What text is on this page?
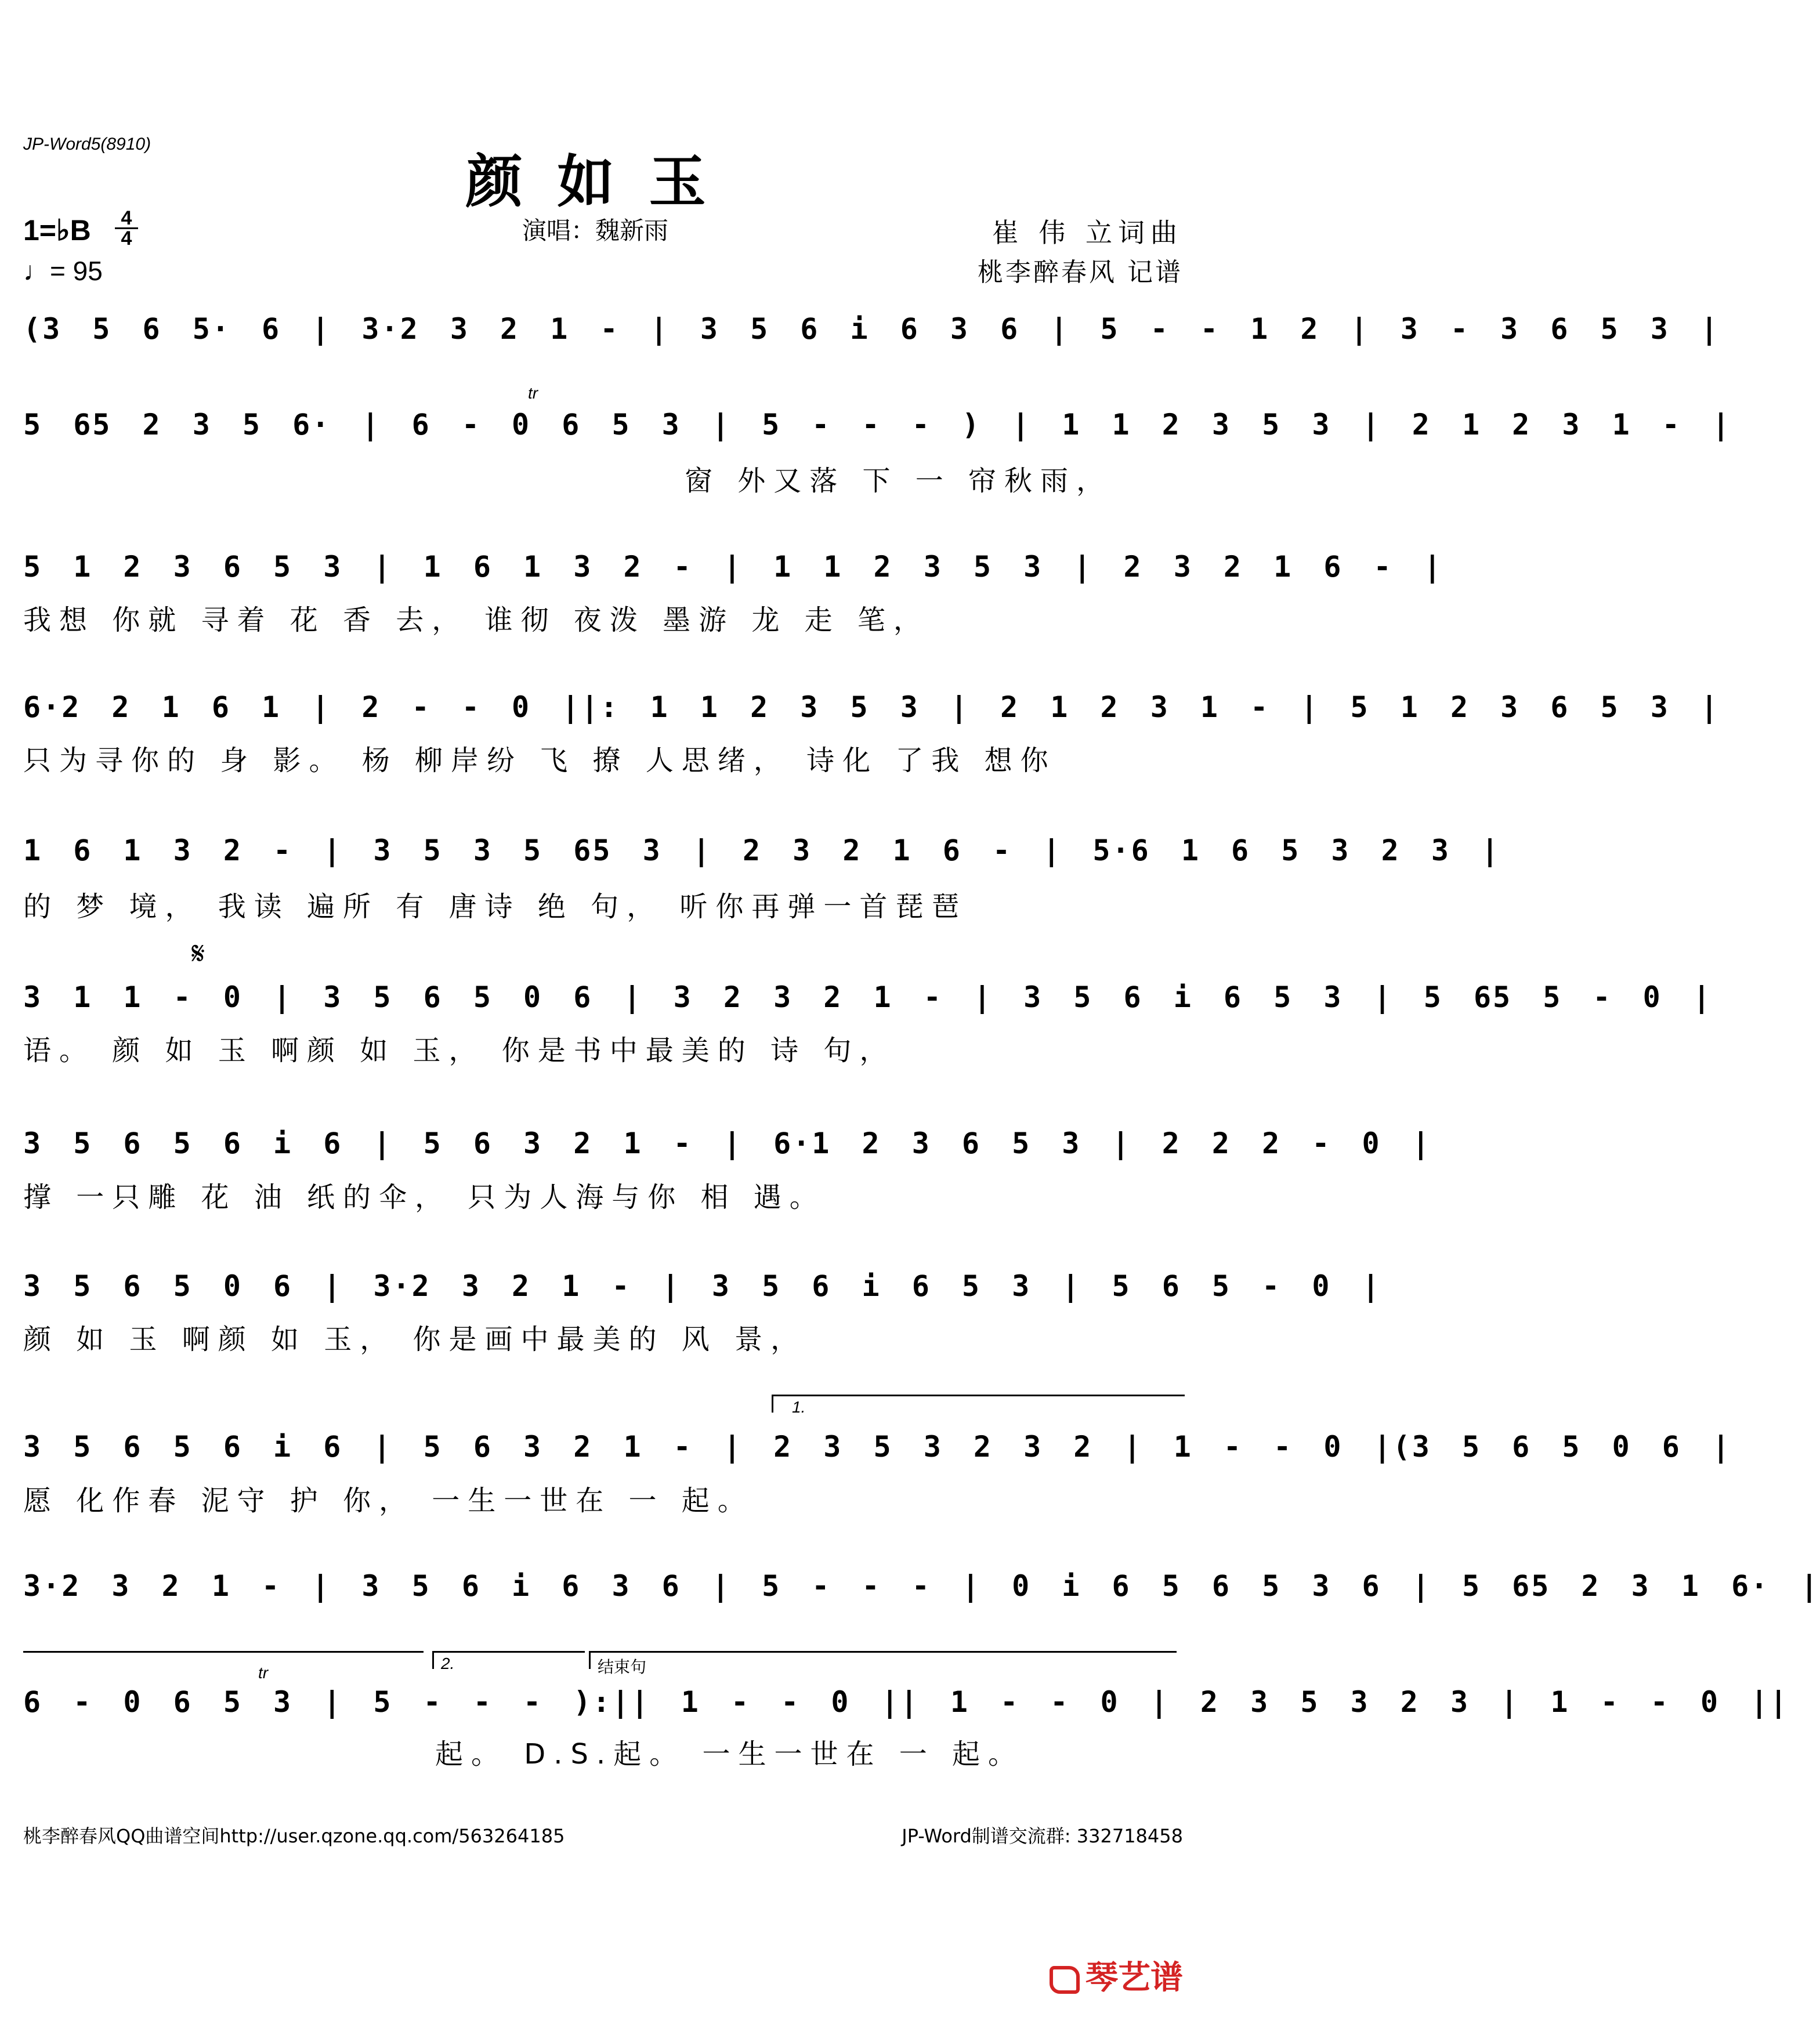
JP-Word5(8910)
颜如玉
1=♭B	4
4
♩= 95
演唱：魏新雨	崔 伟 立词曲
桃李醉春风 记谱
(3 5 6 5· 6 | 3·2 3 2 1 - | 3 5 6 i 6 3 6 | 5 - - 1 2 | 3 - 3 6 5 3 |
tr
5 65 2 3 5 6· | 6 - 0 6 5 3 | 5 - - - ) | 1 1 2 3 5 3 | 2 1 2 3 1 - |
窗 外又落 下 一 帘秋雨，
5 1 2 3 6 5 3 | 1 6 1 3 2 - | 1 1 2 3 5 3 | 2 3 2 1 6 - |
我想 你就 寻着 花 香 去， 谁彻 夜泼 墨游 龙 走 笔，
6·2 2 1 6 1 | 2 - - 0 ||: 1 1 2 3 5 3 | 2 1 2 3 1 - | 5 1 2 3 6 5 3 |
只为寻你的 身 影。 杨 柳岸纷 飞 撩 人思绪， 诗化 了我 想你
1 6 1 3 2 - | 3 5 3 5 65 3 | 2 3 2 1 6 - | 5·6 1 6 5 3 2 3 |
的 梦 境， 我读 遍所 有 唐诗 绝 句， 听你再弹一首琵琶
𝄋
3 1 1 - 0 | 3 5 6 5 0 6 | 3 2 3 2 1 - | 3 5 6 i 6 5 3 | 5 65 5 - 0 |
语。 颜 如 玉 啊颜 如 玉， 你是书中最美的 诗 句，
3 5 6 5 6 i 6 | 5 6 3 2 1 - | 6·1 2 3 6 5 3 | 2 2 2 - 0 |
撑 一只雕 花 油 纸的伞， 只为人海与你 相 遇。
3 5 6 5 0 6 | 3·2 3 2 1 - | 3 5 6 i 6 5 3 | 5 6 5 - 0 |
颜 如 玉 啊颜 如 玉， 你是画中最美的 风 景，
1.
3 5 6 5 6 i 6 | 5 6 3 2 1 - | 2 3 5 3 2 3 2 | 1 - - 0 |(3 5 6 5 0 6 |
愿 化作春 泥守 护 你， 一生一世在 一 起。
3·2 3 2 1 - | 3 5 6 i 6 3 6 | 5 - - - | 0 i 6 5 6 5 3 6 | 5 65 2 3 1 6· |
2.	结束句
tr
6 - 0 6 5 3 | 5 - - - ):|| 1 - - 0 || 1 - - 0 | 2 3 5 3 2 3 | 1 - - 0 ||
起。 D.S.起。 一生一世在 一 起。
桃李醉春风QQ曲谱空间http://user.qzone.qq.com/563264185	JP-Word制谱交流群: 332718458
琴艺谱
